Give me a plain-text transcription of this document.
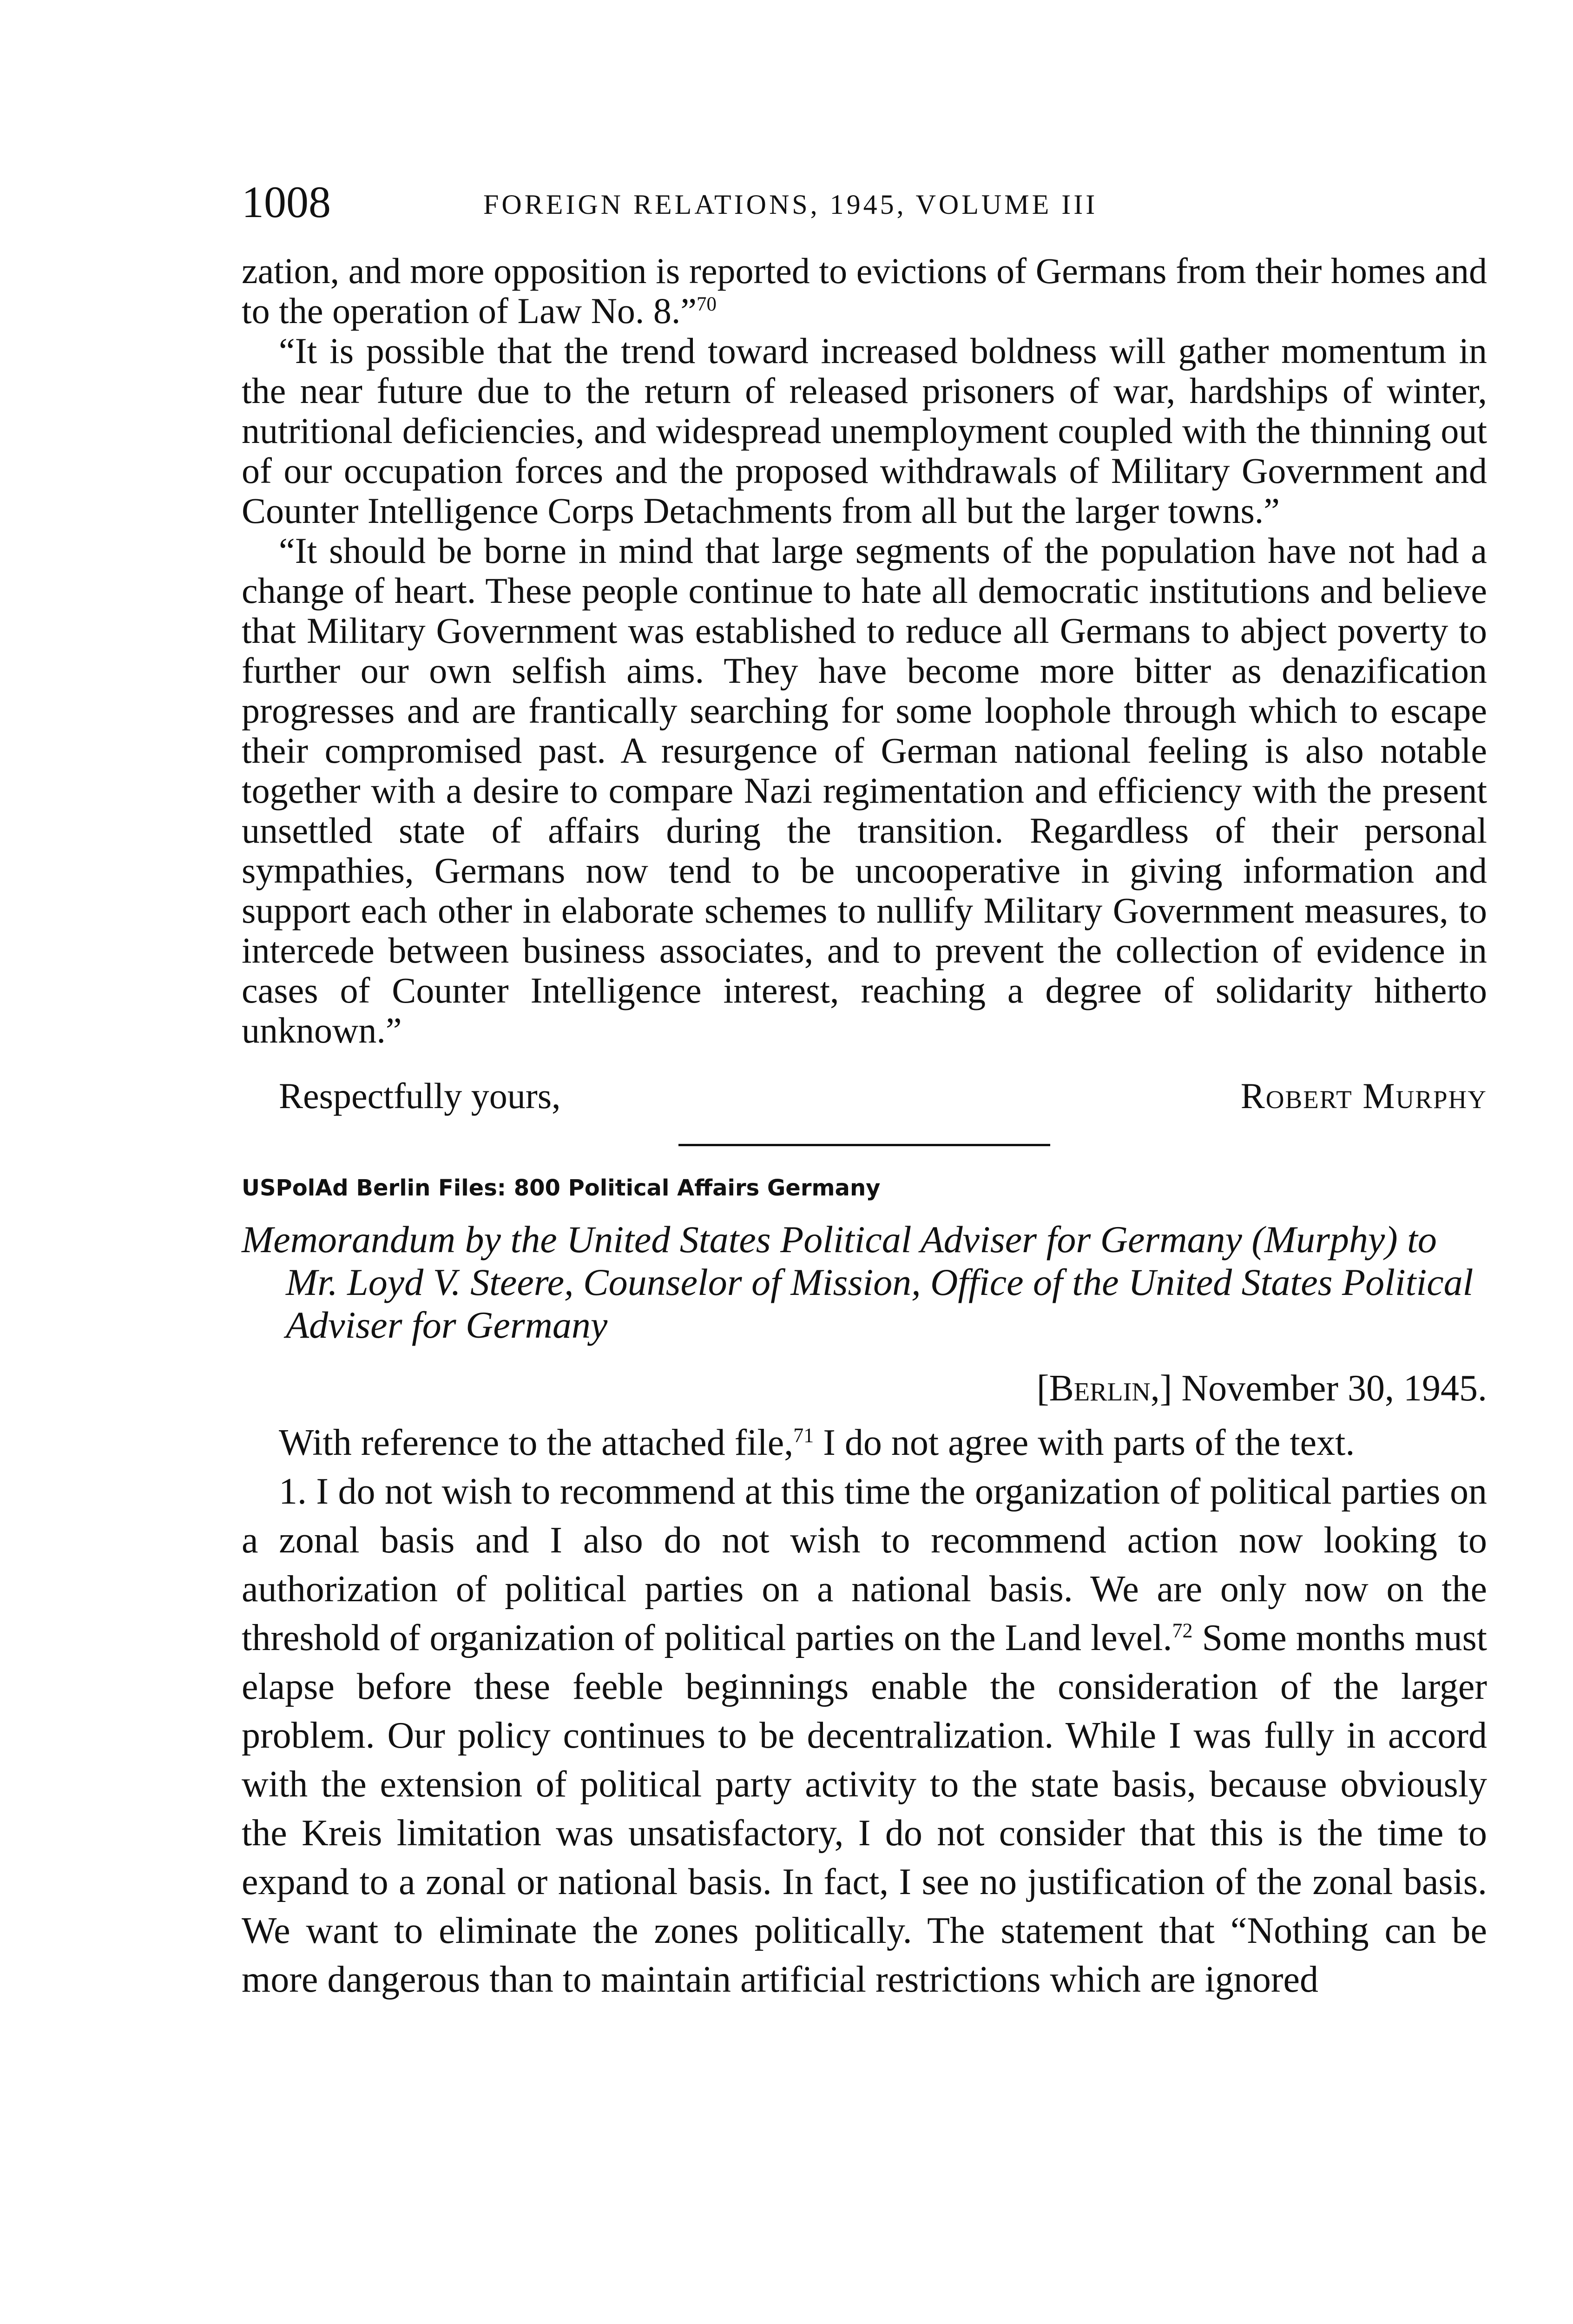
1008	FOREIGN RELATIONS, 1945, VOLUME III

zation, and more opposition is reported to evictions of Germans from their homes and to the operation of Law No. 8.”$^{70}$

“It is possible that the trend toward increased boldness will gather momentum in the near future due to the return of released prisoners of war, hardships of winter, nutritional deficiencies, and widespread unemployment coupled with the thinning out of our occupation forces and the proposed withdrawals of Military Government and Counter Intelligence Corps Detachments from all but the larger towns.”

“It should be borne in mind that large segments of the population have not had a change of heart. These people continue to hate all democratic institutions and believe that Military Government was established to reduce all Germans to abject poverty to further our own selfish aims. They have become more bitter as denazification progresses and are frantically searching for some loophole through which to escape their compromised past. A resurgence of German national feeling is also notable together with a desire to compare Nazi regimentation and efficiency with the present unsettled state of affairs during the transition. Regardless of their personal sympathies, Germans now tend to be uncooperative in giving information and support each other in elaborate schemes to nullify Military Government measures, to intercede between business associates, and to prevent the collection of evidence in cases of Counter Intelligence interest, reaching a degree of solidarity hitherto unknown.”

Respectfully yours,	Robert Murphy
USPolAd Berlin Files: 800 Political Affairs Germany
Memorandum by the United States Political Adviser for Germany (Murphy) to Mr. Loyd V. Steere, Counselor of Mission, Office of the United States Political Adviser for Germany
[Berlin,] November 30, 1945.

With reference to the attached file,$^{71}$ I do not agree with parts of the text.

1. I do not wish to recommend at this time the organization of political parties on a zonal basis and I also do not wish to recommend action now looking to authorization of political parties on a national basis. We are only now on the threshold of organization of political parties on the Land level.$^{72}$ Some months must elapse before these feeble beginnings enable the consideration of the larger problem. Our policy continues to be decentralization. While I was fully in accord with the extension of political party activity to the state basis, because obviously the Kreis limitation was unsatisfactory, I do not consider that this is the time to expand to a zonal or national basis. In fact, I see no justification of the zonal basis. We want to eliminate the zones politically. The statement that “Nothing can be more dangerous than to maintain artificial restrictions which are ignored
